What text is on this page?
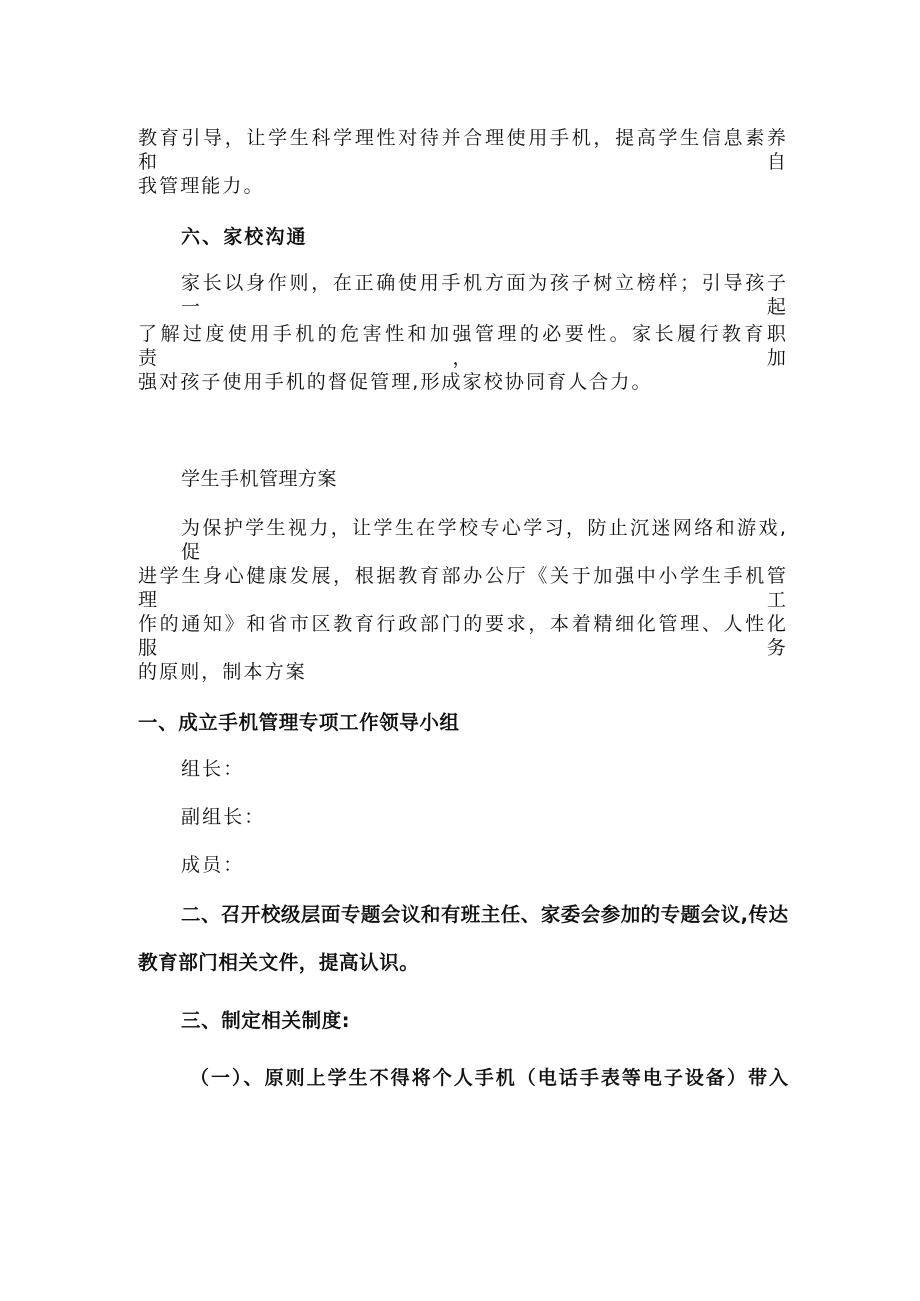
教育引导，让学生科学理性对待并合理使用手机，提高学生信息素养和自
我管理能力。
六、家校沟通
家长以身作则，在正确使用手机方面为孩子树立榜样；引导孩子一起
了解过度使用手机的危害性和加强管理的必要性。家长履行教育职责，加
强对孩子使用手机的督促管理,形成家校协同育人合力。
学生手机管理方案
为保护学生视力，让学生在学校专心学习，防止沉迷网络和游戏,促
进学生身心健康发展，根据教育部办公厅《关于加强中小学生手机管理工
作的通知》和省市区教育行政部门的要求，本着精细化管理、人性化服务
的原则，制本方案
一、成立手机管理专项工作领导小组
组长：
副组长：
成员：
二、召开校级层面专题会议和有班主任、家委会参加的专题会议,传达
教育部门相关文件，提高认识。
三、制定相关制度:
（一）、原则上学生不得将个人手机（电话手表等电子设备）带入
